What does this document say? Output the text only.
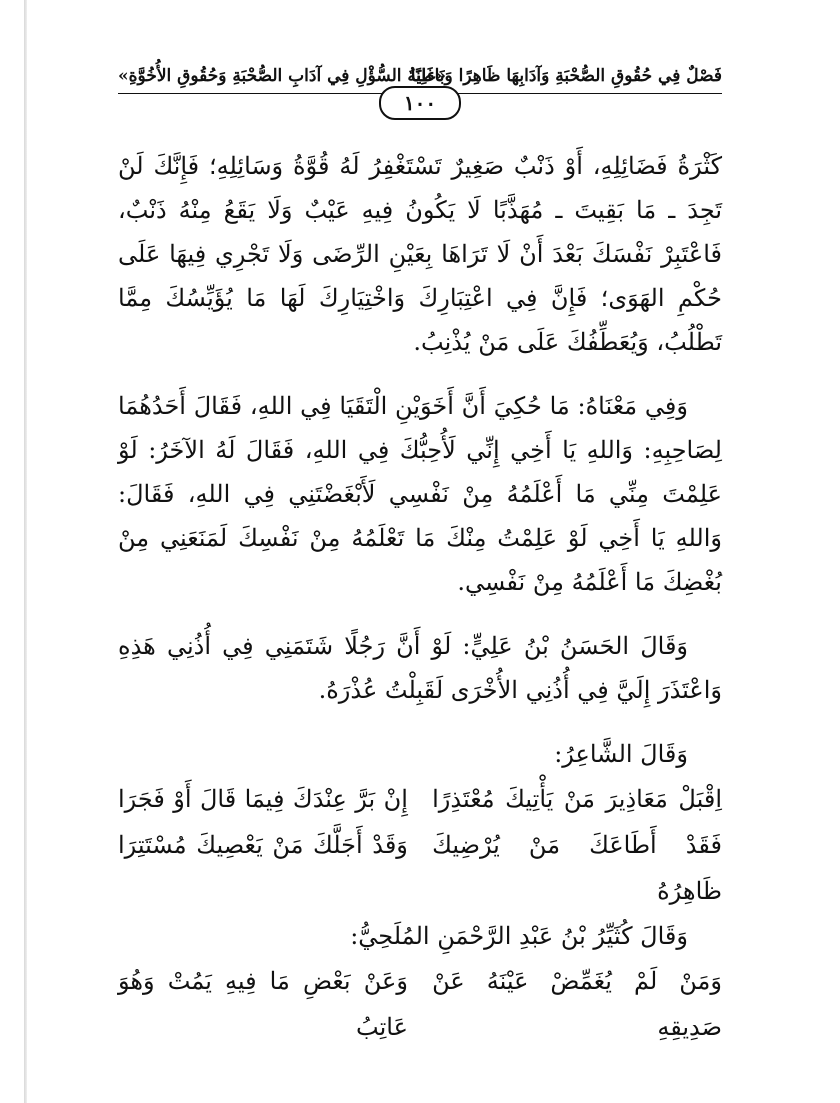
فَصْلٌ فِي حُقُوقِ الصُّحْبَةِ وَآدَابِهَا ظَاهِرًا وَبَاطِنًا
«غَايَةُ السُّؤْلِ فِي آدَابِ الصُّحْبَةِ وَحُقُوقِ الأُخُوَّةِ»
١٠٠

كَثْرَةُ فَضَائِلِهِ، أَوْ ذَنْبٌ صَغِيرٌ تَسْتَغْفِرُ لَهُ قُوَّةُ وَسَائِلِهِ؛ فَإِنَّكَ لَنْ تَجِدَ ـ مَا بَقِيتَ ـ مُهَذَّبًا لَا يَكُونُ فِيهِ عَيْبٌ وَلَا يَقَعُ مِنْهُ ذَنْبٌ، فَاعْتَبِرْ نَفْسَكَ بَعْدَ أَنْ لَا تَرَاهَا بِعَيْنِ الرِّضَى وَلَا تَجْرِي فِيهَا عَلَى حُكْمِ الهَوَى؛ فَإِنَّ فِي اعْتِبَارِكَ وَاخْتِيَارِكَ لَهَا مَا يُؤَيِّسُكَ مِمَّا تَطْلُبُ، وَيُعَطِّفُكَ عَلَى مَنْ يُذْنِبُ.

وَفِي مَعْنَاهُ: مَا حُكِيَ أَنَّ أَخَوَيْنِ الْتَقَيَا فِي اللهِ، فَقَالَ أَحَدُهُمَا لِصَاحِبِهِ: وَاللهِ يَا أَخِي إِنِّي لَأُحِبُّكَ فِي اللهِ، فَقَالَ لَهُ الآخَرُ: لَوْ عَلِمْتَ مِنِّي مَا أَعْلَمُهُ مِنْ نَفْسِي لَأَبْغَضْتَنِي فِي اللهِ، فَقَالَ: وَاللهِ يَا أَخِي لَوْ عَلِمْتُ مِنْكَ مَا تَعْلَمُهُ مِنْ نَفْسِكَ لَمَنَعَنِي مِنْ بُغْضِكَ مَا أَعْلَمُهُ مِنْ نَفْسِي.

وَقَالَ الحَسَنُ بْنُ عَلِيٍّ: لَوْ أَنَّ رَجُلًا شَتَمَنِي فِي أُذُنِي هَذِهِ وَاعْتَذَرَ إِلَيَّ فِي أُذُنِي الأُخْرَى لَقَبِلْتُ عُذْرَهُ.

وَقَالَ الشَّاعِرُ:

اِقْبَلْ مَعَاذِيرَ مَنْ يَأْتِيكَ مُعْتَذِرًا
إِنْ بَرَّ عِنْدَكَ فِيمَا قَالَ أَوْ فَجَرَا
فَقَدْ أَطَاعَكَ مَنْ يُرْضِيكَ ظَاهِرُهُ
وَقَدْ أَجَلَّكَ مَنْ يَعْصِيكَ مُسْتَتِرَا

وَقَالَ كُثَيِّرُ بْنُ عَبْدِ الرَّحْمَنِ المُلَحِيُّ:

وَمَنْ لَمْ يُغَمِّضْ عَيْنَهُ عَنْ صَدِيقِهِ
وَعَنْ بَعْضِ مَا فِيهِ يَمُتْ وَهُوَ عَاتِبُ
